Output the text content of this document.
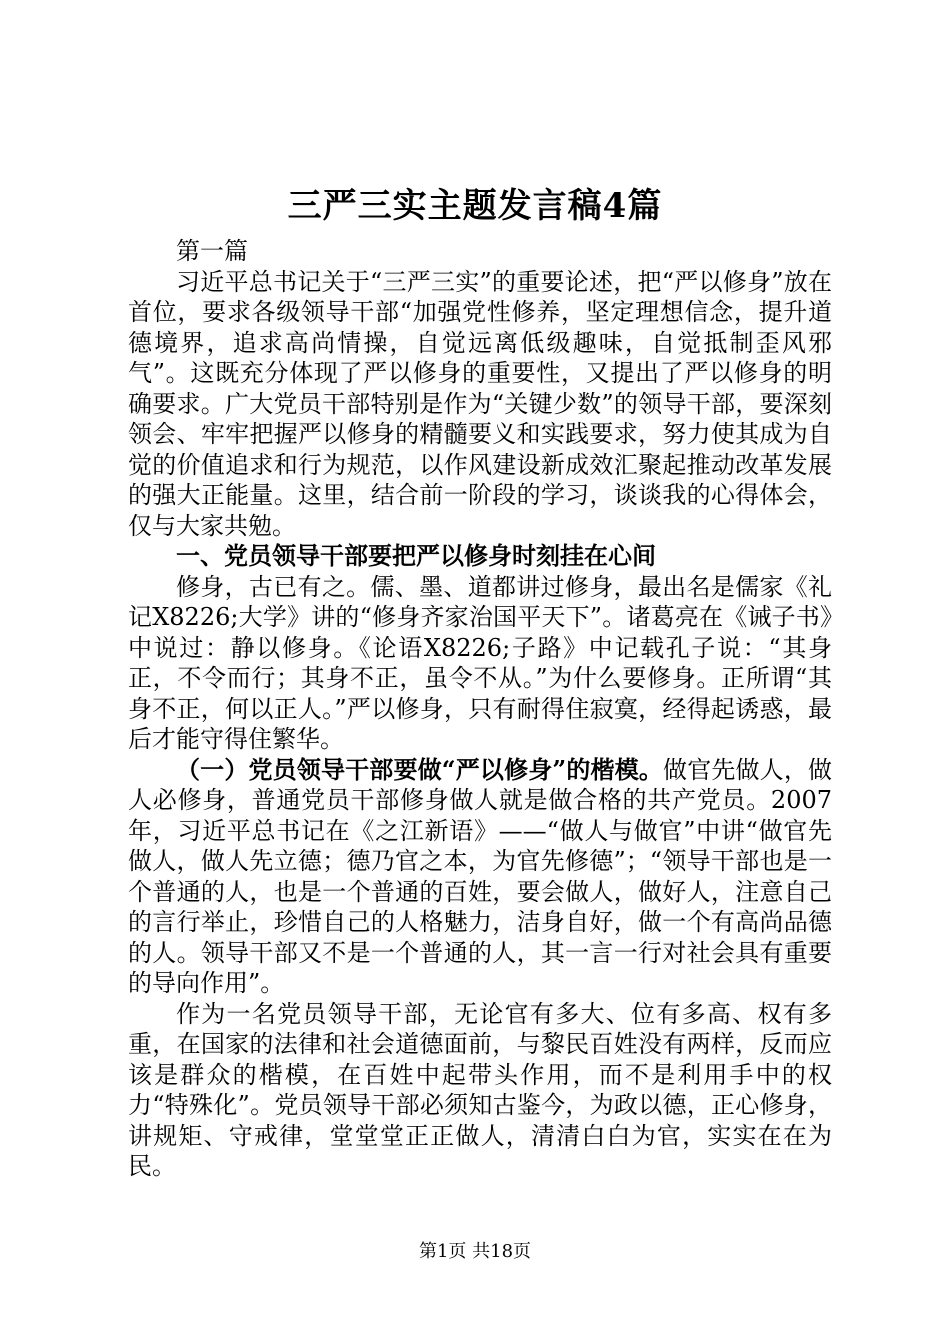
三严三实主题发言稿4篇

第一篇

习近平总书记关于“三严三实”的重要论述，把“严以修身”放在首位，要求各级领导干部“加强党性修养，坚定理想信念，提升道德境界，追求高尚情操，自觉远离低级趣味，自觉抵制歪风邪气”。这既充分体现了严以修身的重要性，又提出了严以修身的明确要求。广大党员干部特别是作为“关键少数”的领导干部，要深刻领会、牢牢把握严以修身的精髓要义和实践要求，努力使其成为自觉的价值追求和行为规范，以作风建设新成效汇聚起推动改革发展的强大正能量。这里，结合前一阶段的学习，谈谈我的心得体会，仅与大家共勉。

一、党员领导干部要把严以修身时刻挂在心间

修身，古已有之。儒、墨、道都讲过修身，最出名是儒家《礼记X8226;大学》讲的“修身齐家治国平天下”。诸葛亮在《诫子书》中说过：静以修身。《论语X8226;子路》中记载孔子说：“其身正，不令而行；其身不正，虽令不从。”为什么要修身。正所谓“其身不正，何以正人。”严以修身，只有耐得住寂寞，经得起诱惑，最后才能守得住繁华。

（一）党员领导干部要做“严以修身”的楷模。做官先做人，做人必修身，普通党员干部修身做人就是做合格的共产党员。2007年，习近平总书记在《之江新语》——“做人与做官”中讲“做官先做人，做人先立德；德乃官之本，为官先修德”；“领导干部也是一个普通的人，也是一个普通的百姓，要会做人，做好人，注意自己的言行举止，珍惜自己的人格魅力，洁身自好，做一个有高尚品德的人。领导干部又不是一个普通的人，其一言一行对社会具有重要的导向作用”。

作为一名党员领导干部，无论官有多大、位有多高、权有多重，在国家的法律和社会道德面前，与黎民百姓没有两样，反而应该是群众的楷模，在百姓中起带头作用，而不是利用手中的权力“特殊化”。党员领导干部必须知古鉴今，为政以德，正心修身，讲规矩、守戒律，堂堂堂正正做人，清清白白为官，实实在在为民。

第1页 共18页
